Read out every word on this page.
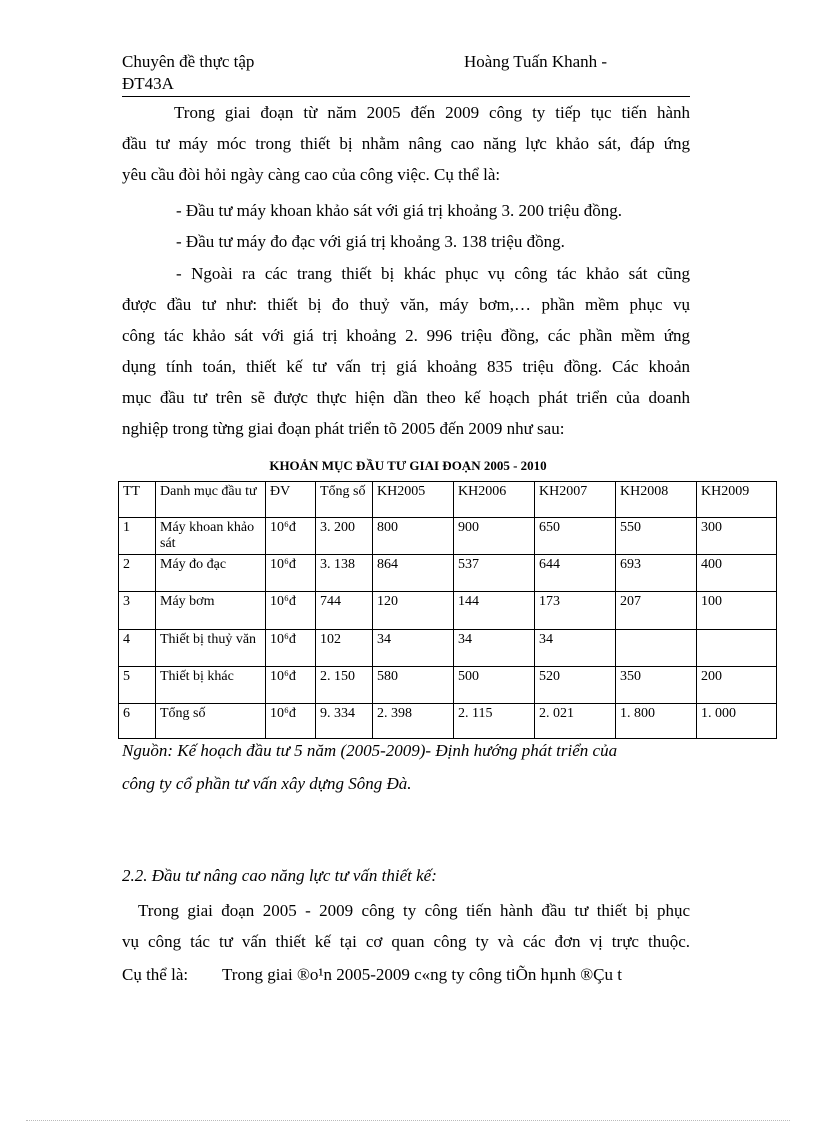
Chuyên đề thực tập	Hoàng Tuấn Khanh -
ĐT43A
Trong giai đoạn từ năm 2005 đến 2009 công ty tiếp tục tiến hành
đầu tư máy móc trong thiết bị nhằm nâng cao năng lực khảo sát, đáp ứng
yêu cầu đòi hỏi ngày càng cao của công việc. Cụ thể là:
- Đầu tư máy khoan khảo sát với giá trị khoảng 3. 200 triệu đồng.
- Đầu tư máy đo đạc với giá trị khoảng 3. 138 triệu đồng.
- Ngoài ra các trang thiết bị khác phục vụ công tác khảo sát cũng
được đầu tư như: thiết bị đo thuỷ văn, máy bơm,… phần mềm phục vụ
công tác khảo sát với giá trị khoảng 2. 996 triệu đồng, các phần mềm ứng
dụng tính toán, thiết kế tư vấn trị giá khoảng 835 triệu đồng. Các khoản
mục đầu tư trên sẽ được thực hiện dần theo kế hoạch phát triển của doanh
nghiệp trong từng giai đoạn phát triển tõ 2005 đến 2009 như sau:
KHOẢN MỤC ĐẦU TƯ GIAI ĐOẠN 2005 - 2010
TT	Danh mục đầu tư	ĐV	Tổng số	KH2005	KH2006	KH2007	KH2008	KH2009
1	Máy khoan khảo sát	10⁶đ	3. 200	800	900	650	550	300
2	Máy đo đạc	10⁶đ	3. 138	864	537	644	693	400
3	Máy bơm	10⁶đ	744	120	144	173	207	100
4	Thiết bị thuỷ văn	10⁶đ	102	34	34	34		
5	Thiết bị khác	10⁶đ	2. 150	580	500	520	350	200
6	Tổng số	10⁶đ	9. 334	2. 398	2. 115	2. 021	1. 800	1. 000
Nguồn: Kế hoạch đầu tư 5 năm (2005-2009)- Định hướng phát triển của
công ty cổ phần tư vấn xây dựng Sông Đà.
2.2. Đầu tư nâng cao năng lực tư vấn thiết kế:
Trong giai đoạn 2005 - 2009 công ty công tiến hành đầu tư thiết bị phục
vụ công tác tư vấn thiết kế tại cơ quan công ty và các đơn vị trực thuộc.
Cụ thể là: Trong giai ®o¹n 2005-2009 c«ng ty công tiÕn hµnh ®Çu t
